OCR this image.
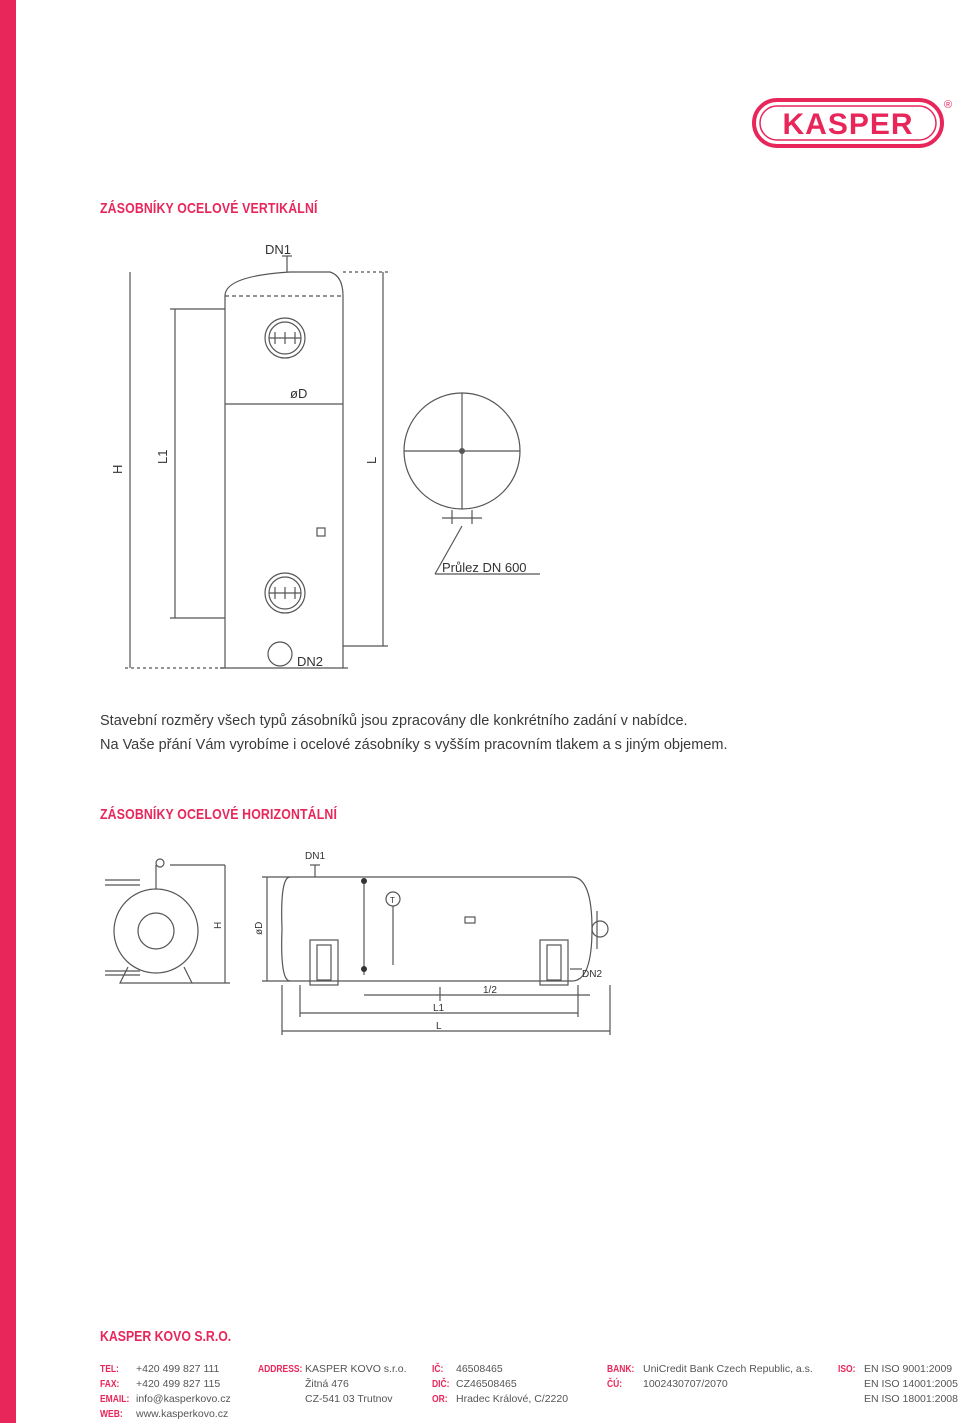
KASPER
®
ZÁSOBNÍKY OCELOVÉ VERTIKÁLNÍ
DN1
øD
H
L1	L
DN2
Průlez DN 600
Stavební rozměry všech typů zásobníků jsou zpracovány dle konkrétního zadání v nabídce.
Na Vaše přání Vám vyrobíme i ocelové zásobníky s vyšším pracovním tlakem a s jiným objemem.
ZÁSOBNÍKY OCELOVÉ HORIZONTÁLNÍ
DN1
H	øD
T
1/2
L1
L
DN2
KASPER KOVO S.R.O.
TEL: +420 499 827 111
FAX: +420 499 827 115
EMAIL: info@kasperkovo.cz
WEB: www.kasperkovo.cz
ADDRESS: KASPER KOVO s.r.o.
Žitná 476
CZ-541 03 Trutnov
IČ: 46508465
DIČ: CZ46508465
OR: Hradec Králové, C/2220
BANK: UniCredit Bank Czech Republic, a.s.
ČÚ: 1002430707/2070
ISO: EN ISO 9001:2009
EN ISO 14001:2005
EN ISO 18001:2008
